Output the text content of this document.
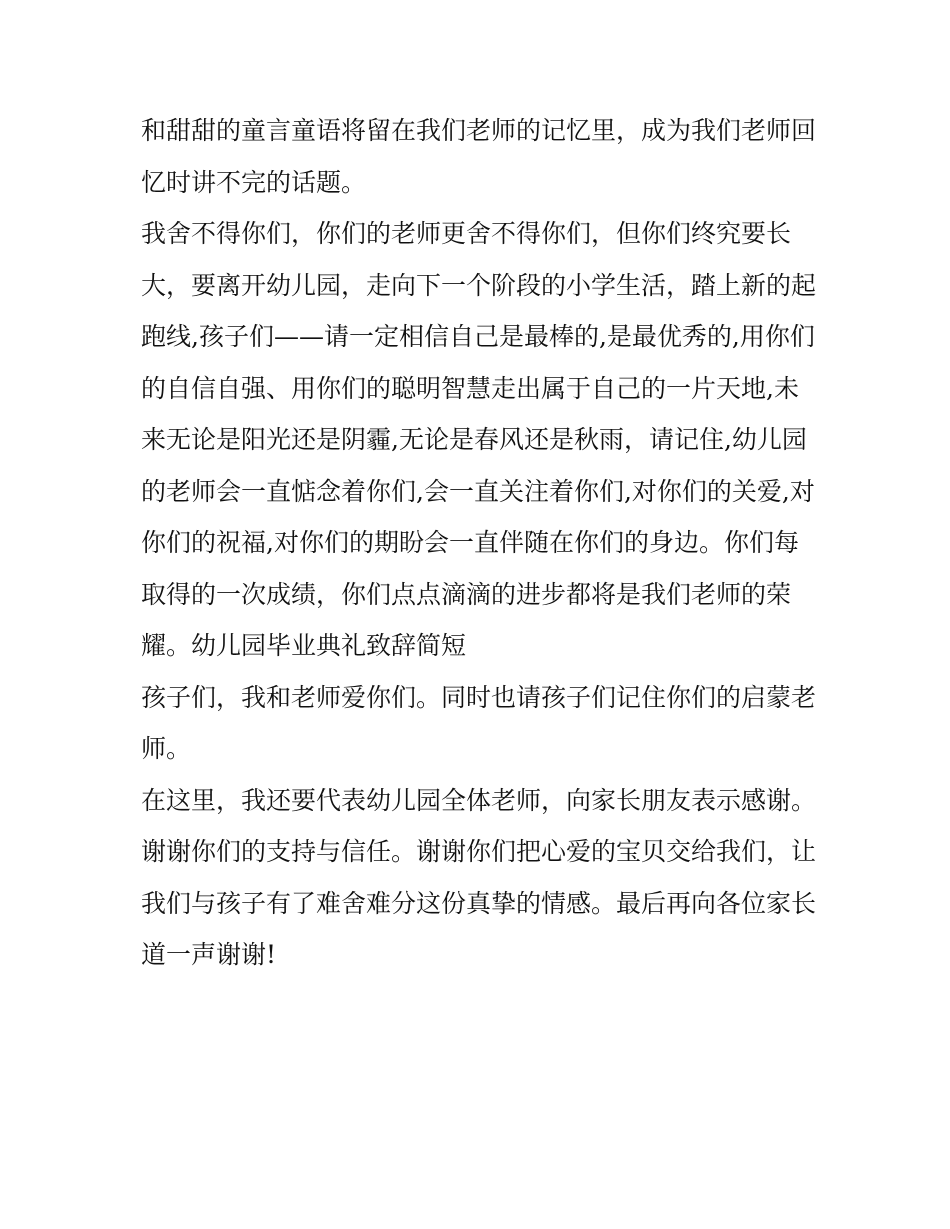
和甜甜的童言童语将留在我们老师的记忆里，成为我们老师回
忆时讲不完的话题。
我舍不得你们，你们的老师更舍不得你们，但你们终究要长
大，要离开幼儿园，走向下一个阶段的小学生活，踏上新的起
跑线,孩子们——请一定相信自己是最棒的,是最优秀的,用你们
的自信自强、用你们的聪明智慧走出属于自己的一片天地,未
来无论是阳光还是阴霾,无论是春风还是秋雨，请记住,幼儿园
的老师会一直惦念着你们,会一直关注着你们,对你们的关爱,对
你们的祝福,对你们的期盼会一直伴随在你们的身边。你们每
取得的一次成绩，你们点点滴滴的进步都将是我们老师的荣
耀。幼儿园毕业典礼致辞简短
孩子们，我和老师爱你们。同时也请孩子们记住你们的启蒙老
师。
在这里，我还要代表幼儿园全体老师，向家长朋友表示感谢。
谢谢你们的支持与信任。谢谢你们把心爱的宝贝交给我们，让
我们与孩子有了难舍难分这份真挚的情感。最后再向各位家长
道一声谢谢!
